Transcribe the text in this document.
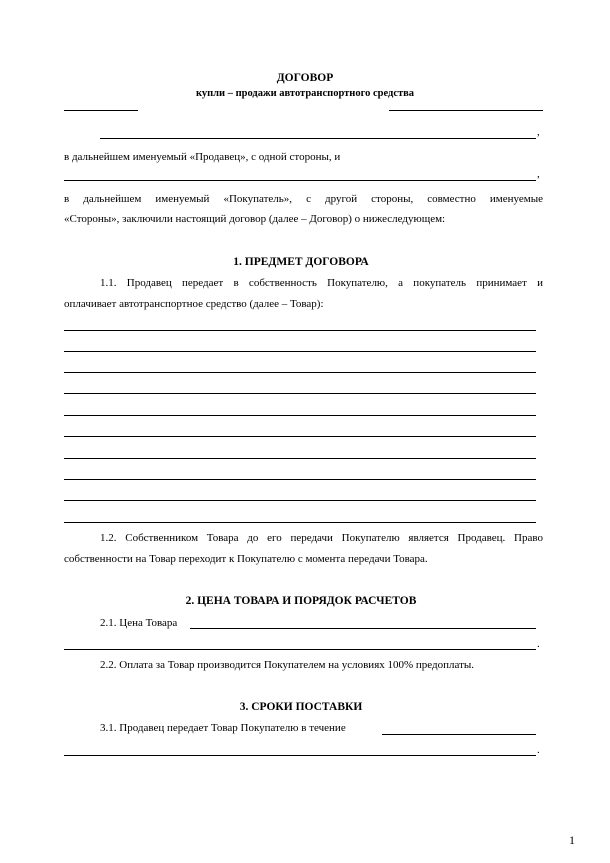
ДОГОВОР
купли – продажи автотранспортного средства
,
в дальнейшем именуемый «Продавец», с одной стороны, и
,
в дальнейшем именуемый «Покупатель», с другой стороны, совместно именуемые
«Стороны», заключили настоящий договор (далее – Договор) о нижеследующем:
1. ПРЕДМЕТ ДОГОВОРА
1.1. Продавец передает в собственность Покупателю, а покупатель принимает и
оплачивает автотранспортное средство (далее – Товар):
1.2. Собственником Товара до его передачи Покупателю является Продавец. Право
собственности на Товар переходит к Покупателю с момента передачи Товара.
2. ЦЕНА ТОВАРА И ПОРЯДОК РАСЧЕТОВ
2.1. Цена Товара
.
2.2. Оплата за Товар производится Покупателем на условиях 100% предоплаты.
3. СРОКИ ПОСТАВКИ
3.1. Продавец передает Товар Покупателю в течение
.
1
